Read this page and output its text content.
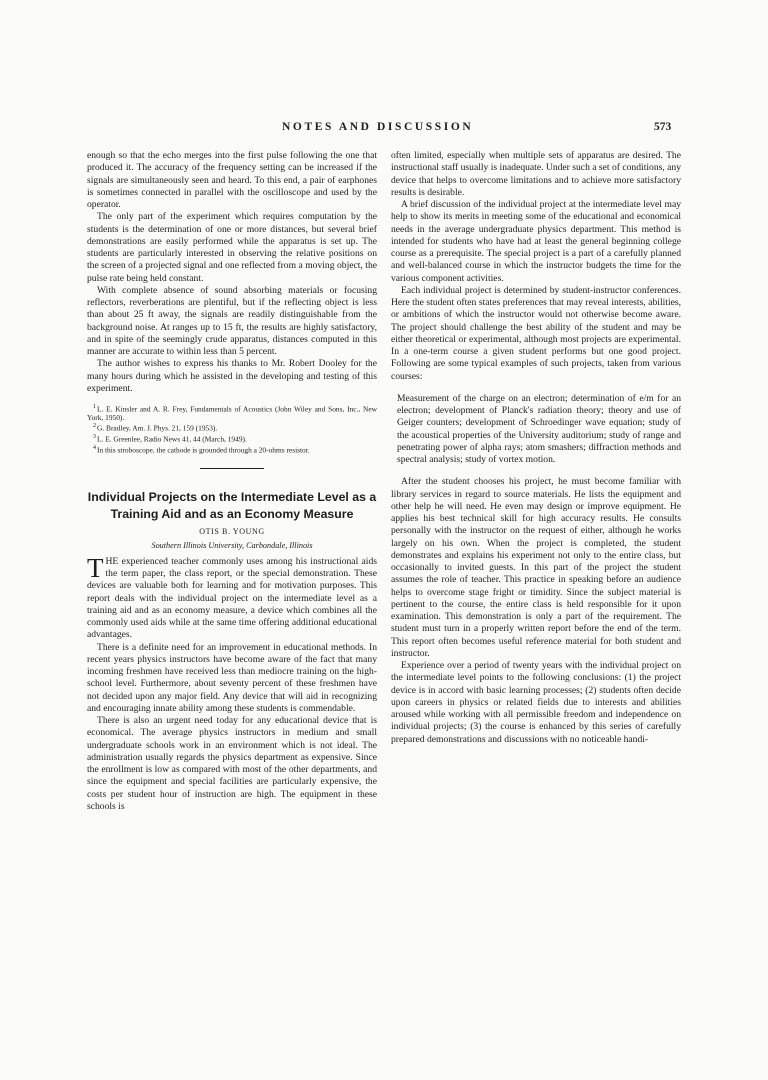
NOTES AND DISCUSSION	573

enough so that the echo merges into the first pulse following the one that produced it. The accuracy of the frequency setting can be increased if the signals are simultaneously seen and heard. To this end, a pair of earphones is sometimes connected in parallel with the oscilloscope and used by the operator.

The only part of the experiment which requires computation by the students is the determination of one or more distances, but several brief demonstrations are easily performed while the apparatus is set up. The students are particularly interested in observing the relative positions on the screen of a projected signal and one reflected from a moving object, the pulse rate being held constant.

With complete absence of sound absorbing materials or focusing reflectors, reverberations are plentiful, but if the reflecting object is less than about 25 ft away, the signals are readily distinguishable from the background noise. At ranges up to 15 ft, the results are highly satisfactory, and in spite of the seemingly crude apparatus, distances computed in this manner are accurate to within less than 5 percent.

The author wishes to express his thanks to Mr. Robert Dooley for the many hours during which he assisted in the developing and testing of this experiment.

$^1$L. E. Kinsler and A. R. Frey, Fundamentals of Acoustics (John Wiley and Sons, Inc., New York, 1950).

$^2$G. Bradley, Am. J. Phys. 21, 159 (1953).

$^3$L. E. Greenlee, Radio News 41, 44 (March, 1949).

$^4$In this stroboscope, the cathode is grounded through a 20-ohms resistor.

Individual Projects on the Intermediate Level as a Training Aid and as an Economy Measure
OTIS B. YOUNG
Southern Illinois University, Carbondale, Illinois

THE experienced teacher commonly uses among his instructional aids the term paper, the class report, or the special demonstration. These devices are valuable both for learning and for motivation purposes. This report deals with the individual project on the intermediate level as a training aid and as an economy measure, a device which combines all the commonly used aids while at the same time offering additional educational advantages.

There is a definite need for an improvement in educational methods. In recent years physics instructors have become aware of the fact that many incoming freshmen have received less than mediocre training on the high-school level. Furthermore, about seventy percent of these freshmen have not decided upon any major field. Any device that will aid in recognizing and encouraging innate ability among these students is commendable.

There is also an urgent need today for any educational device that is economical. The average physics instructors in medium and small undergraduate schools work in an environment which is not ideal. The administration usually regards the physics department as expensive. Since the enrollment is low as compared with most of the other departments, and since the equipment and special facilities are particularly expensive, the costs per student hour of instruction are high. The equipment in these schools is

often limited, especially when multiple sets of apparatus are desired. The instructional staff usually is inadequate. Under such a set of conditions, any device that helps to overcome limitations and to achieve more satisfactory results is desirable.

A brief discussion of the individual project at the intermediate level may help to show its merits in meeting some of the educational and economical needs in the average undergraduate physics department. This method is intended for students who have had at least the general beginning college course as a prerequisite. The special project is a part of a carefully planned and well-balanced course in which the instructor budgets the time for the various component activities.

Each individual project is determined by student-instructor conferences. Here the student often states preferences that may reveal interests, abilities, or ambitions of which the instructor would not otherwise become aware. The project should challenge the best ability of the student and may be either theoretical or experimental, although most projects are experimental. In a one-term course a given student performs but one good project. Following are some typical examples of such projects, taken from various courses:

Measurement of the charge on an electron; determination of e/m for an electron; development of Planck's radiation theory; theory and use of Geiger counters; development of Schroedinger wave equation; study of the acoustical properties of the University auditorium; study of range and penetrating power of alpha rays; atom smashers; diffraction methods and spectral analysis; study of vortex motion.

After the student chooses his project, he must become familiar with library services in regard to source materials. He lists the equipment and other help he will need. He even may design or improve equipment. He applies his best technical skill for high accuracy results. He consults personally with the instructor on the request of either, although he works largely on his own. When the project is completed, the student demonstrates and explains his experiment not only to the entire class, but occasionally to invited guests. In this part of the project the student assumes the role of teacher. This practice in speaking before an audience helps to overcome stage fright or timidity. Since the subject material is pertinent to the course, the entire class is held responsible for it upon examination. This demonstration is only a part of the requirement. The student must turn in a properly written report before the end of the term. This report often becomes useful reference material for both student and instructor.

Experience over a period of twenty years with the individual project on the intermediate level points to the following conclusions: (1) the project device is in accord with basic learning processes; (2) students often decide upon careers in physics or related fields due to interests and abilities aroused while working with all permissible freedom and independence on individual projects; (3) the course is enhanced by this series of carefully prepared demonstrations and discussions with no noticeable handi-
